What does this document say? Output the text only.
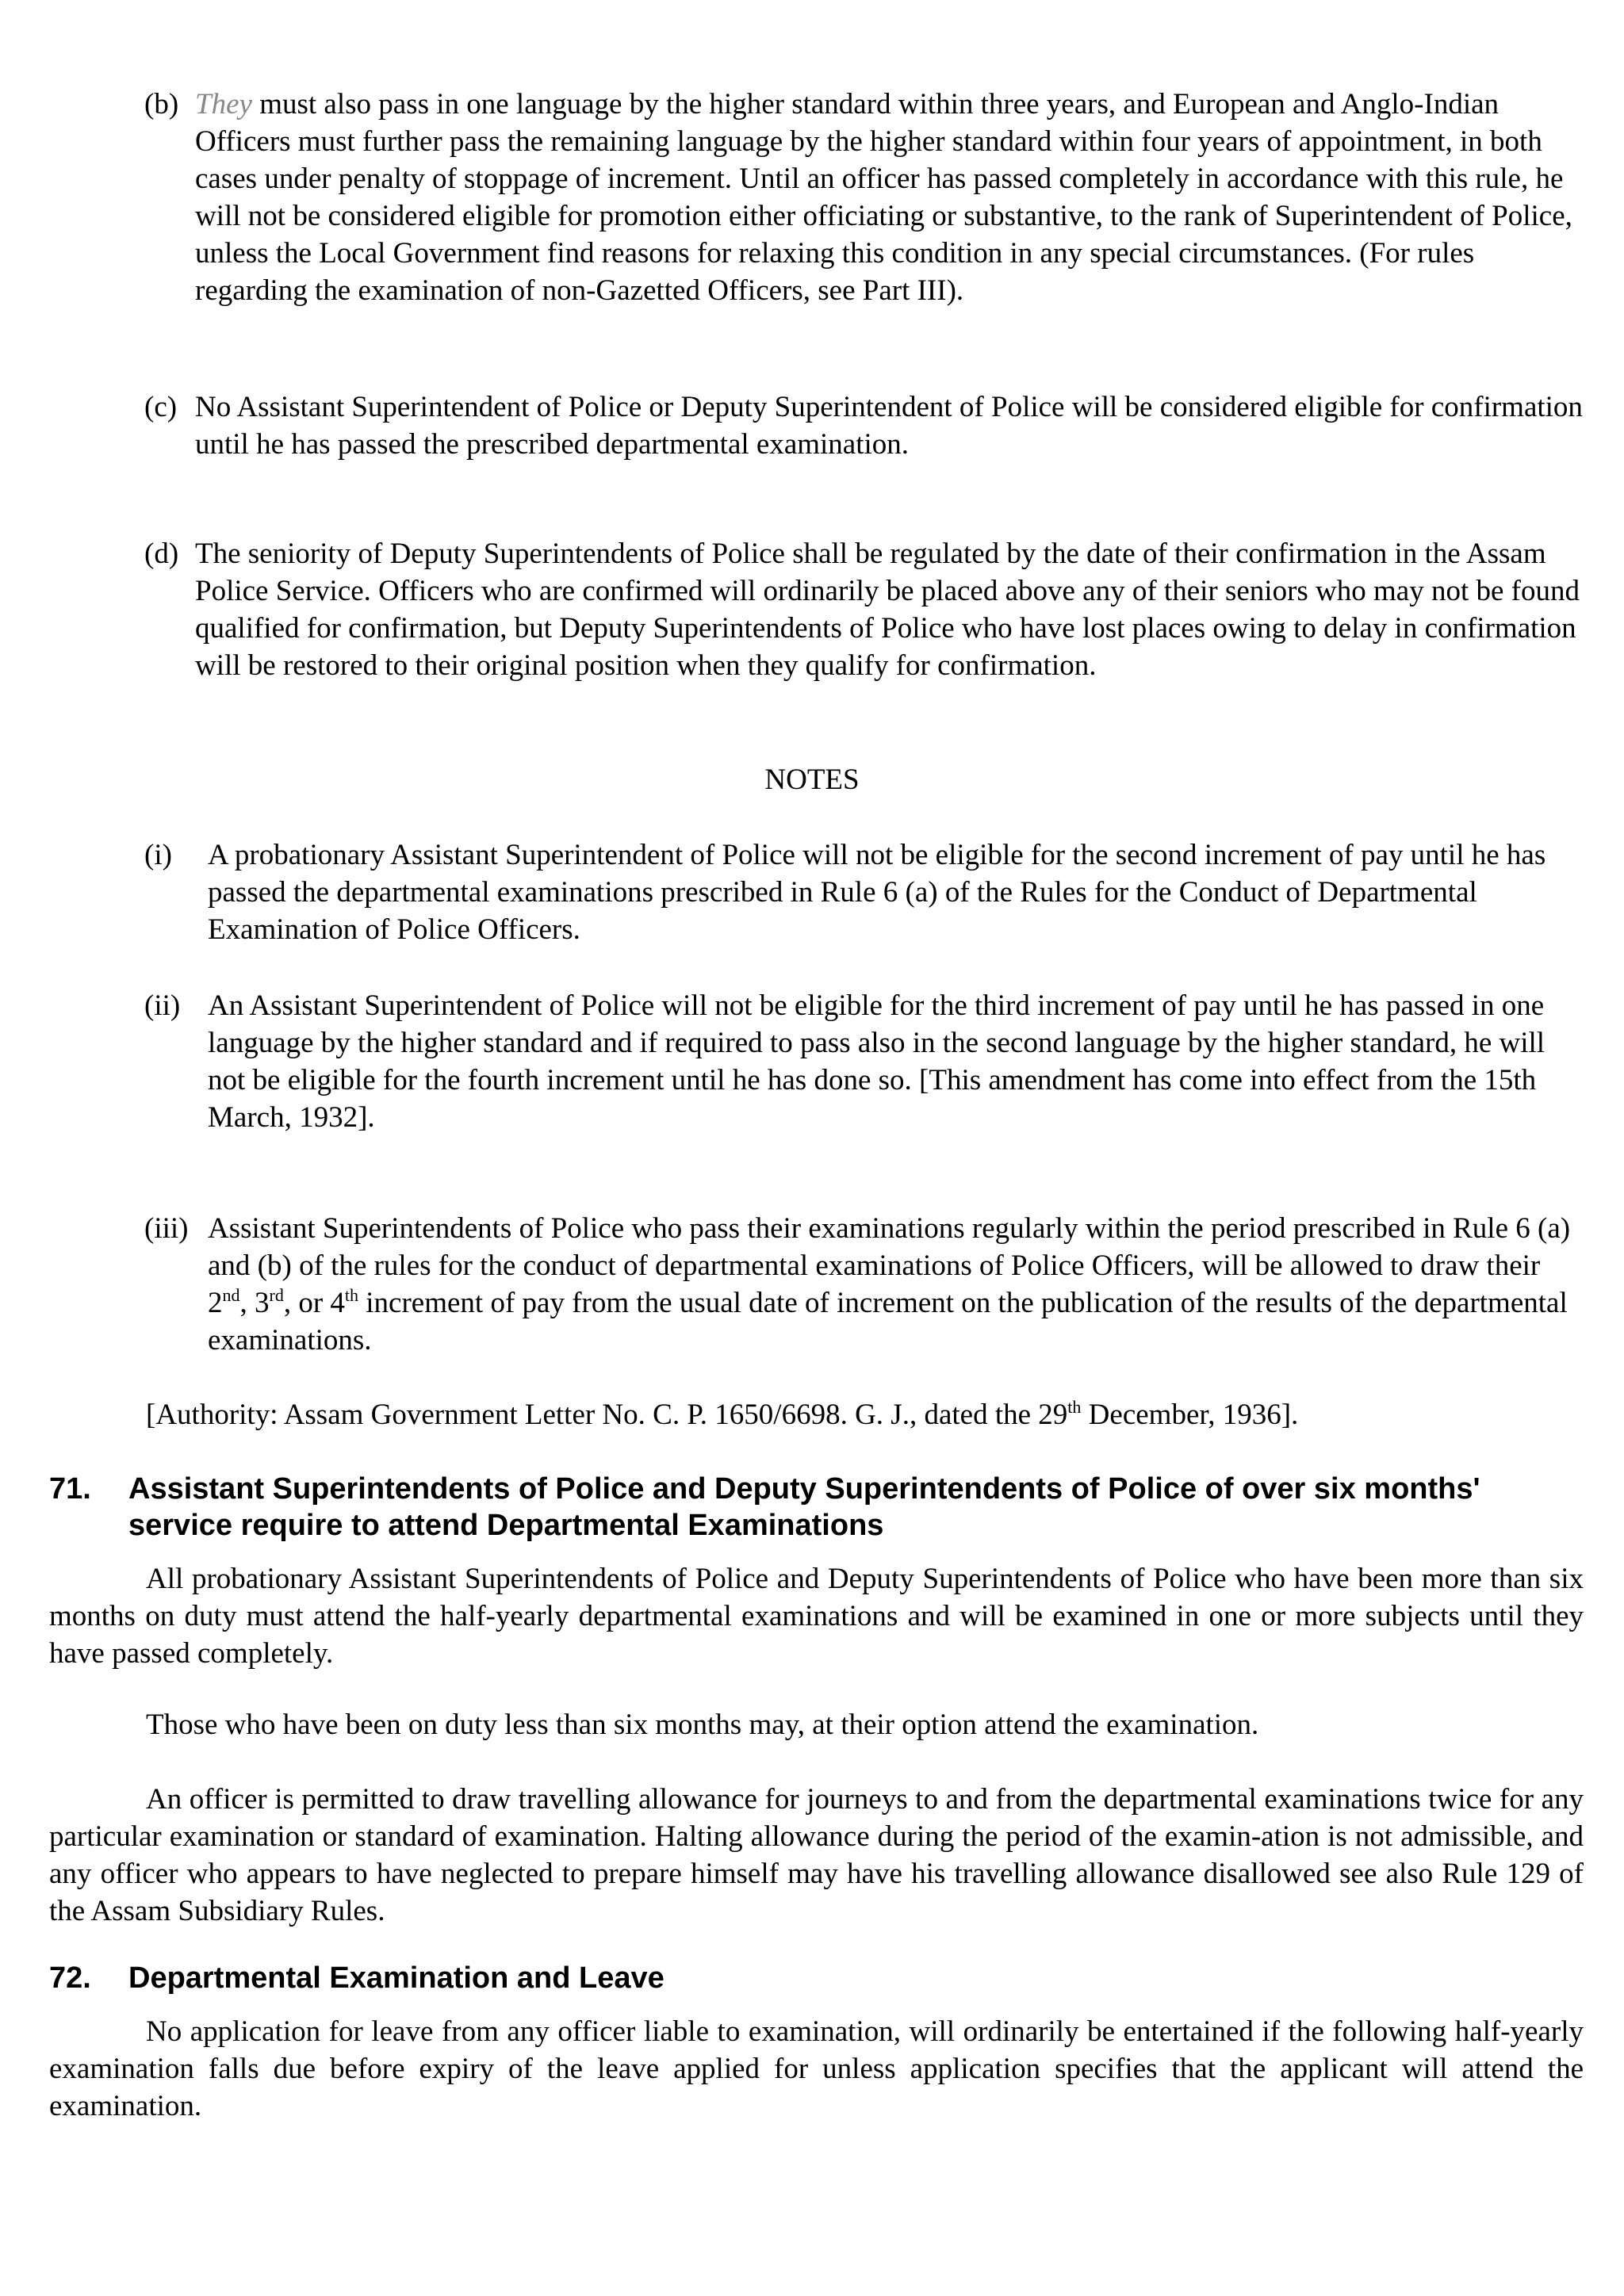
(b) They must also pass in one language by the higher standard within three years, and European and Anglo-Indian Officers must further pass the remaining language by the higher standard within four years of appointment, in both cases under penalty of stoppage of increment. Until an officer has passed completely in accordance with this rule, he will not be considered eligible for promotion either officiating or substantive, to the rank of Superintendent of Police, unless the Local Government find reasons for relaxing this condition in any special circumstances. (For rules regarding the examination of non-Gazetted Officers, see Part III).
(c) No Assistant Superintendent of Police or Deputy Superintendent of Police will be considered eligible for confirmation until he has passed the prescribed departmental examination.
(d) The seniority of Deputy Superintendents of Police shall be regulated by the date of their confirmation in the Assam Police Service. Officers who are confirmed will ordinarily be placed above any of their seniors who may not be found qualified for confirmation, but Deputy Superintendents of Police who have lost places owing to delay in confirmation will be restored to their original position when they qualify for confirmation.
NOTES
(i)	A probationary Assistant Superintendent of Police will not be eligible for the second increment of pay until he has passed the departmental examinations prescribed in Rule 6 (a) of the Rules for the Conduct of Departmental Examination of Police Officers.
(ii) An Assistant Superintendent of Police will not be eligible for the third increment of pay until he has passed in one language by the higher standard and if required to pass also in the second language by the higher standard, he will not be eligible for the fourth increment until he has done so. [This amendment has come into effect from the 15th March, 1932].
(iii) Assistant Superintendents of Police who pass their examinations regularly within the period prescribed in Rule 6 (a) and (b) of the rules for the conduct of departmental examinations of Police Officers, will be allowed to draw their 2nd, 3rd, or 4th increment of pay from the usual date of increment on the publication of the results of the departmental examinations.
[Authority: Assam Government Letter No. C. P. 1650/6698. G. J., dated the 29th December, 1936].
71.	Assistant Superintendents of Police and Deputy Superintendents of Police of over six months' service require to attend Departmental Examinations
All probationary Assistant Superintendents of Police and Deputy Superintendents of Police who have been more than six months on duty must attend the half-yearly departmental examinations and will be examined in one or more subjects until they have passed completely.
Those who have been on duty less than six months may, at their option attend the examination.
An officer is permitted to draw travelling allowance for journeys to and from the departmental examinations twice for any particular examination or standard of examination. Halting allowance during the period of the examin-ation is not admissible, and any officer who appears to have neglected to prepare himself may have his travelling allowance disallowed see also Rule 129 of the Assam Subsidiary Rules.
72.	Departmental Examination and Leave
No application for leave from any officer liable to examination, will ordinarily be entertained if the following half-yearly examination falls due before expiry of the leave applied for unless application specifies that the applicant will attend the examination.
